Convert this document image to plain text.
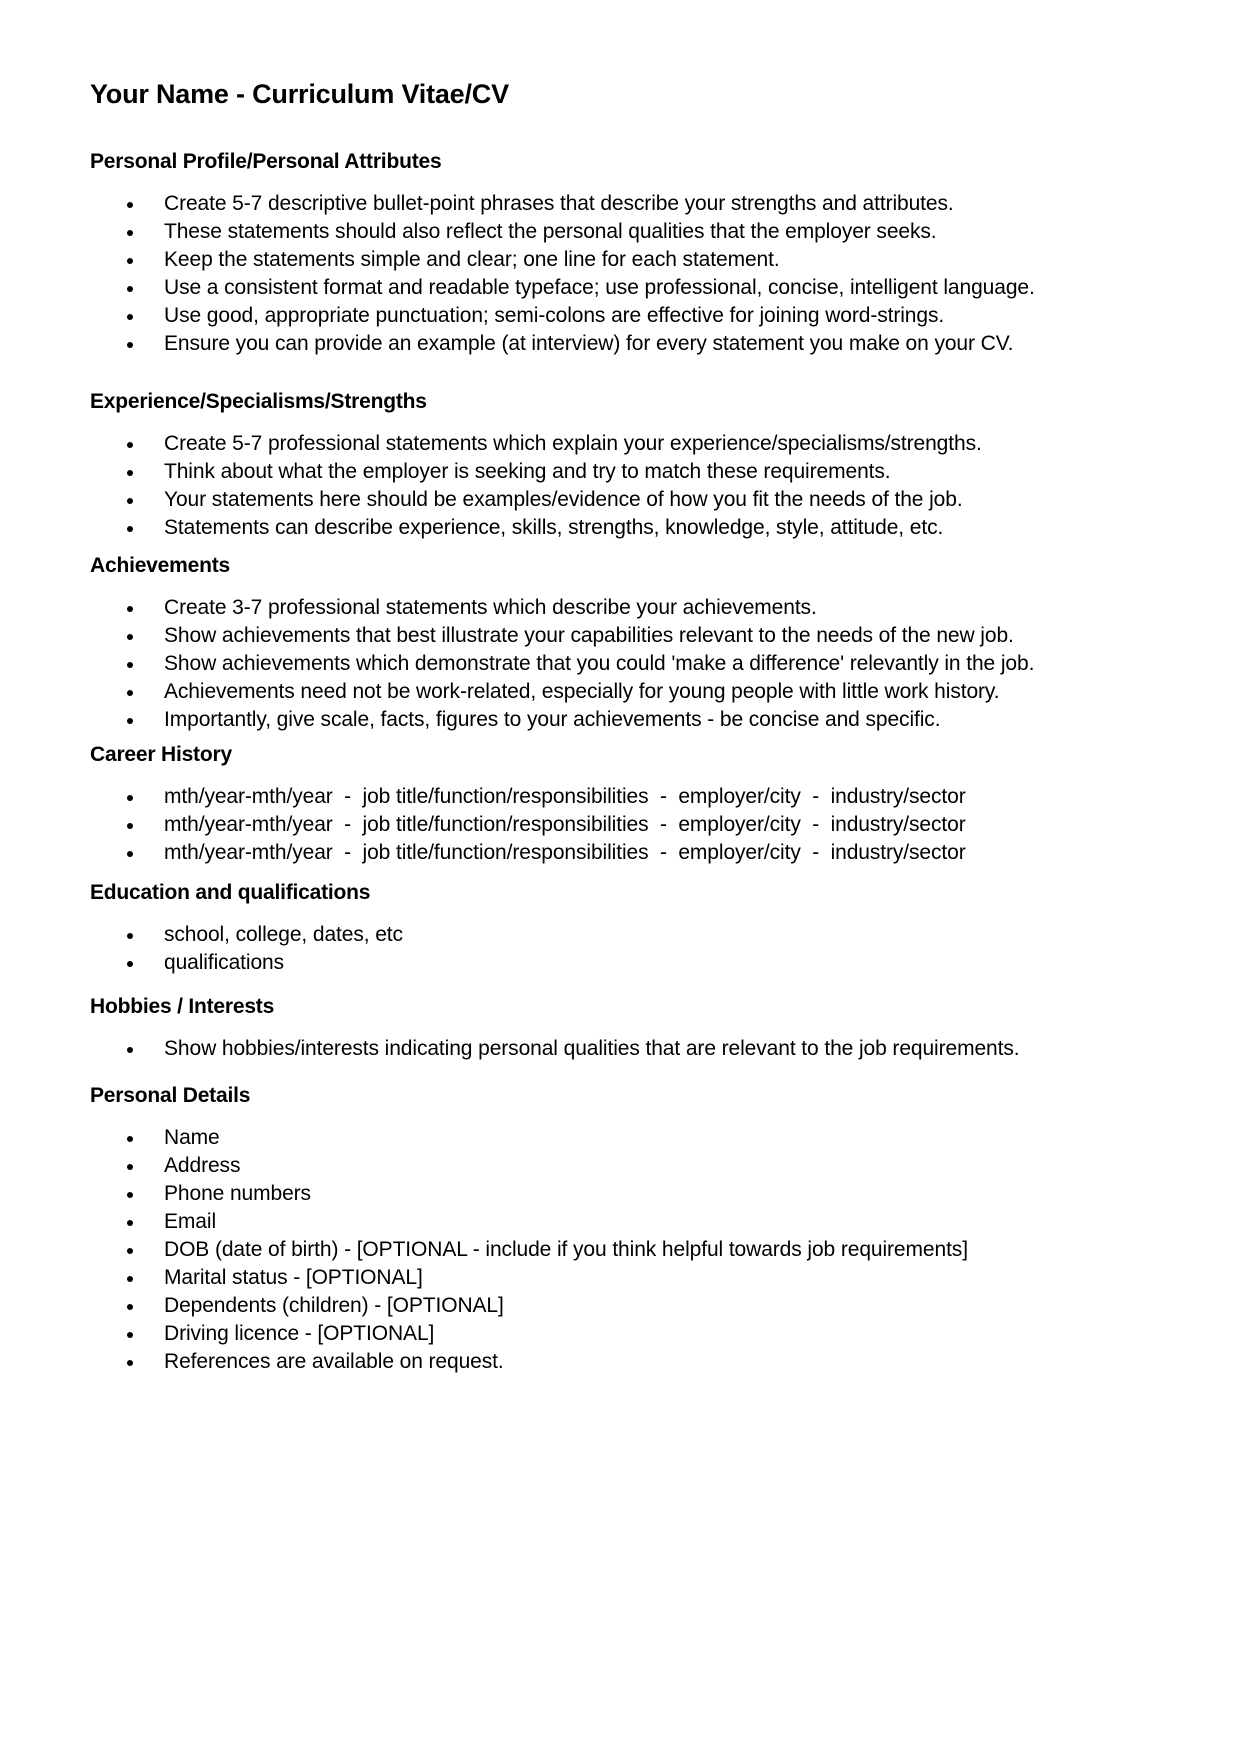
Your Name - Curriculum Vitae/CV
Personal Profile/Personal Attributes
Create 5-7 descriptive bullet-point phrases that describe your strengths and attributes.
These statements should also reflect the personal qualities that the employer seeks.
Keep the statements simple and clear; one line for each statement.
Use a consistent format and readable typeface; use professional, concise, intelligent language.
Use good, appropriate punctuation; semi-colons are effective for joining word-strings.
Ensure you can provide an example (at interview) for every statement you make on your CV.
Experience/Specialisms/Strengths
Create 5-7 professional statements which explain your experience/specialisms/strengths.
Think about what the employer is seeking and try to match these requirements.
Your statements here should be examples/evidence of how you fit the needs of the job.
Statements can describe experience, skills, strengths, knowledge, style, attitude, etc.
Achievements
Create 3-7 professional statements which describe your achievements.
Show achievements that best illustrate your capabilities relevant to the needs of the new job.
Show achievements which demonstrate that you could 'make a difference' relevantly in the job.
Achievements need not be work-related, especially for young people with little work history.
Importantly, give scale, facts, figures to your achievements - be concise and specific.
Career History
mth/year-mth/year  -  job title/function/responsibilities  -  employer/city  -  industry/sector
mth/year-mth/year  -  job title/function/responsibilities  -  employer/city  -  industry/sector
mth/year-mth/year  -  job title/function/responsibilities  -  employer/city  -  industry/sector
Education and qualifications
school, college, dates, etc
qualifications
Hobbies / Interests
Show hobbies/interests indicating personal qualities that are relevant to the job requirements.
Personal Details
Name
Address
Phone numbers
Email
DOB (date of birth) - [OPTIONAL - include if you think helpful towards job requirements]
Marital status - [OPTIONAL]
Dependents (children) - [OPTIONAL]
Driving licence - [OPTIONAL]
References are available on request.
